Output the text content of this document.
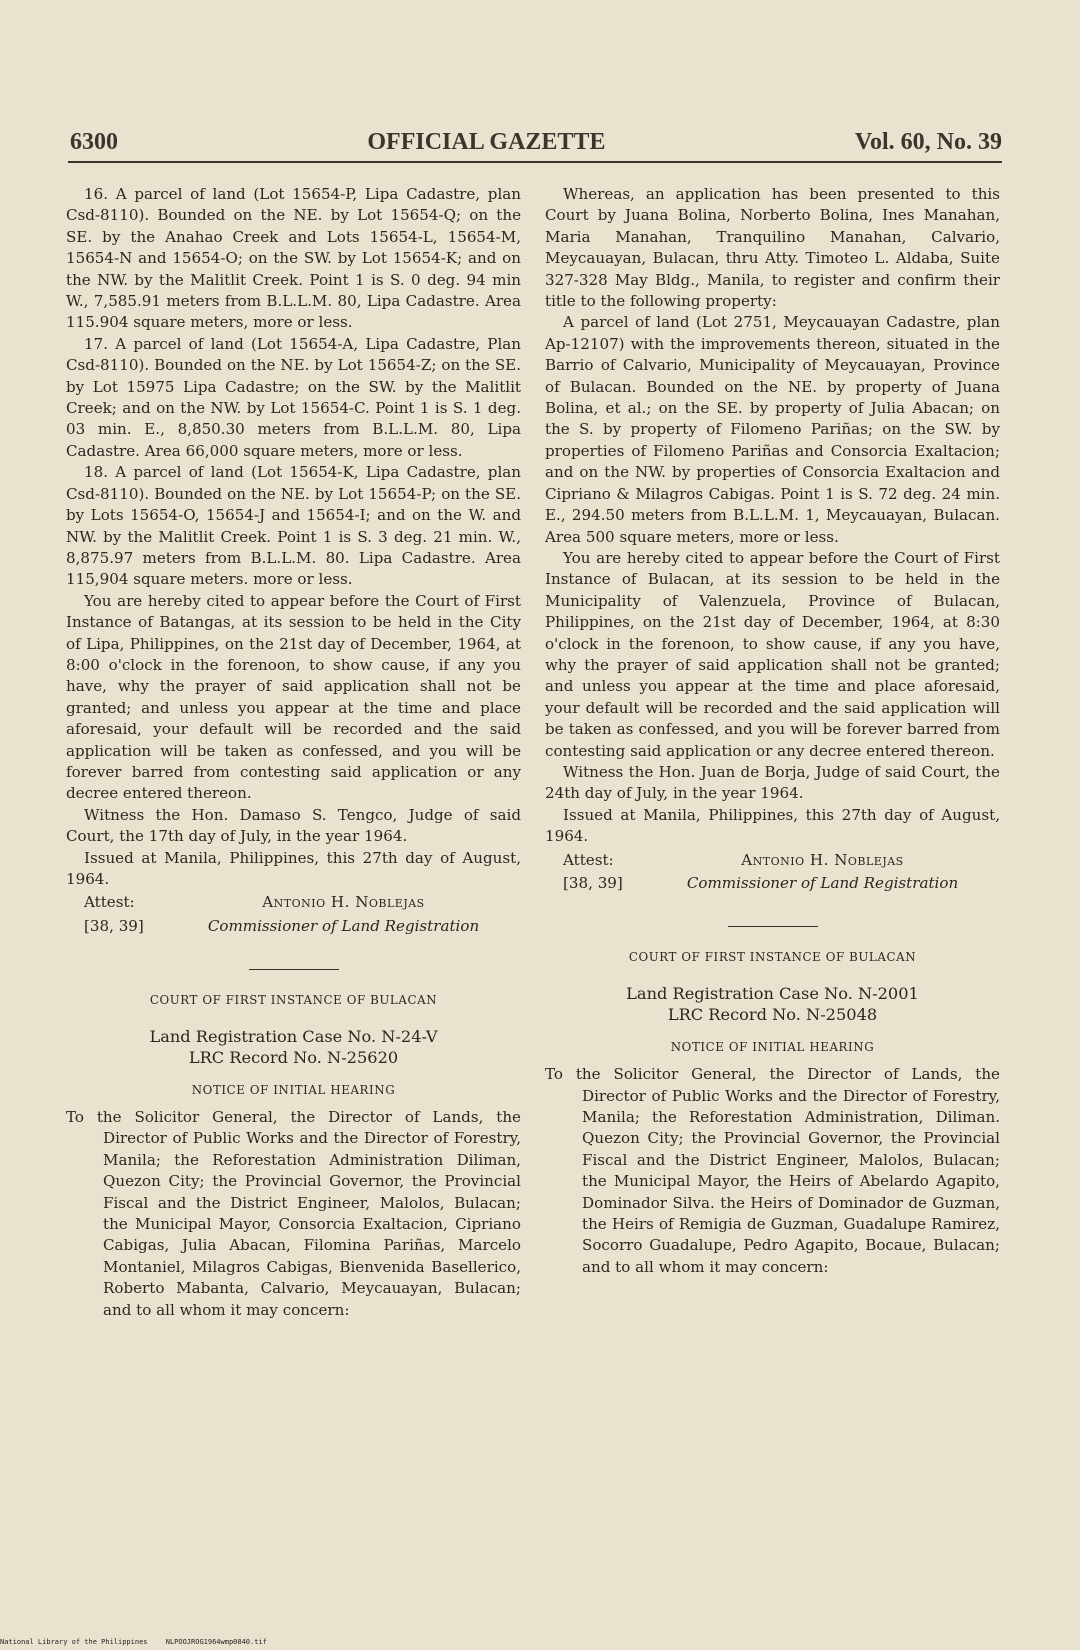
6300	OFFICIAL GAZETTE	Vol. 60, No. 39

16. A parcel of land (Lot 15654-P, Lipa Cadastre, plan Csd-8110). Bounded on the NE. by Lot 15654-Q; on the SE. by the Anahao Creek and Lots 15654-L, 15654-M, 15654-N and 15654-O; on the SW. by Lot 15654-K; and on the NW. by the Malitlit Creek. Point 1 is S. 0 deg. 94 min W., 7,585.91 meters from B.L.L.M. 80, Lipa Cadastre. Area 115.904 square meters, more or less.

17. A parcel of land (Lot 15654-A, Lipa Cadastre, Plan Csd-8110). Bounded on the NE. by Lot 15654-Z; on the SE. by Lot 15975 Lipa Cadastre; on the SW. by the Malitlit Creek; and on the NW. by Lot 15654-C. Point 1 is S. 1 deg. 03 min. E., 8,850.30 meters from B.L.L.M. 80, Lipa Cadastre. Area 66,000 square meters, more or less.

18. A parcel of land (Lot 15654-K, Lipa Cadastre, plan Csd-8110). Bounded on the NE. by Lot 15654-P; on the SE. by Lots 15654-O, 15654-J and 15654-I; and on the W. and NW. by the Malitlit Creek. Point 1 is S. 3 deg. 21 min. W., 8,875.97 meters from B.L.L.M. 80. Lipa Cadastre. Area 115,904 square meters. more or less.

You are hereby cited to appear before the Court of First Instance of Batangas, at its session to be held in the City of Lipa, Philippines, on the 21st day of December, 1964, at 8:00 o'clock in the forenoon, to show cause, if any you have, why the prayer of said application shall not be granted; and unless you appear at the time and place aforesaid, your default will be recorded and the said application will be taken as confessed, and you will be forever barred from contesting said application or any decree entered thereon.

Witness the Hon. Damaso S. Tengco, Judge of said Court, the 17th day of July, in the year 1964.

Issued at Manila, Philippines, this 27th day of August, 1964.

Attest:	Antonio H. Noblejas
[38, 39]	Commissioner of Land Registration
COURT OF FIRST INSTANCE OF BULACAN
Land Registration Case No. N-24-V
LRC Record No. N-25620
NOTICE OF INITIAL HEARING

To the Solicitor General, the Director of Lands, the Director of Public Works and the Director of Forestry, Manila; the Reforestation Administration Diliman, Quezon City; the Provincial Governor, the Provincial Fiscal and the District Engineer, Malolos, Bulacan; the Municipal Mayor, Consorcia Exaltacion, Cipriano Cabigas, Julia Abacan, Filomina Pariñas, Marcelo Montaniel, Milagros Cabigas, Bienvenida Basellerico, Roberto Mabanta, Calvario, Meycauayan, Bulacan; and to all whom it may concern:

Whereas, an application has been presented to this Court by Juana Bolina, Norberto Bolina, Ines Manahan, Maria Manahan, Tranquilino Manahan, Calvario, Meycauayan, Bulacan, thru Atty. Timoteo L. Aldaba, Suite 327-328 May Bldg., Manila, to register and confirm their title to the following property:

A parcel of land (Lot 2751, Meycauayan Cadastre, plan Ap-12107) with the improvements thereon, situated in the Barrio of Calvario, Municipality of Meycauayan, Province of Bulacan. Bounded on the NE. by property of Juana Bolina, et al.; on the SE. by property of Julia Abacan; on the S. by property of Filomeno Pariñas; on the SW. by properties of Filomeno Pariñas and Consorcia Exaltacion; and on the NW. by properties of Consorcia Exaltacion and Cipriano & Milagros Cabigas. Point 1 is S. 72 deg. 24 min. E., 294.50 meters from B.L.L.M. 1, Meycauayan, Bulacan. Area 500 square meters, more or less.

You are hereby cited to appear before the Court of First Instance of Bulacan, at its session to be held in the Municipality of Valenzuela, Province of Bulacan, Philippines, on the 21st day of December, 1964, at 8:30 o'clock in the forenoon, to show cause, if any you have, why the prayer of said application shall not be granted; and unless you appear at the time and place aforesaid, your default will be recorded and the said application will be taken as confessed, and you will be forever barred from contesting said application or any decree entered thereon.

Witness the Hon. Juan de Borja, Judge of said Court, the 24th day of July, in the year 1964.

Issued at Manila, Philippines, this 27th day of August, 1964.

Attest:	Antonio H. Noblejas
[38, 39]	Commissioner of Land Registration
COURT OF FIRST INSTANCE OF BULACAN
Land Registration Case No. N-2001
LRC Record No. N-25048
NOTICE OF INITIAL HEARING

To the Solicitor General, the Director of Lands, the Director of Public Works and the Director of Forestry, Manila; the Reforestation Administration, Diliman. Quezon City; the Provincial Governor, the Provincial Fiscal and the District Engineer, Malolos, Bulacan; the Municipal Mayor, the Heirs of Abelardo Agapito, Dominador Silva. the Heirs of Dominador de Guzman, the Heirs of Remigia de Guzman, Guadalupe Ramirez, Socorro Guadalupe, Pedro Agapito, Bocaue, Bulacan; and to all whom it may concern:

National Library of the Philippines	NLPOOJROG1964wmp0840.tif
